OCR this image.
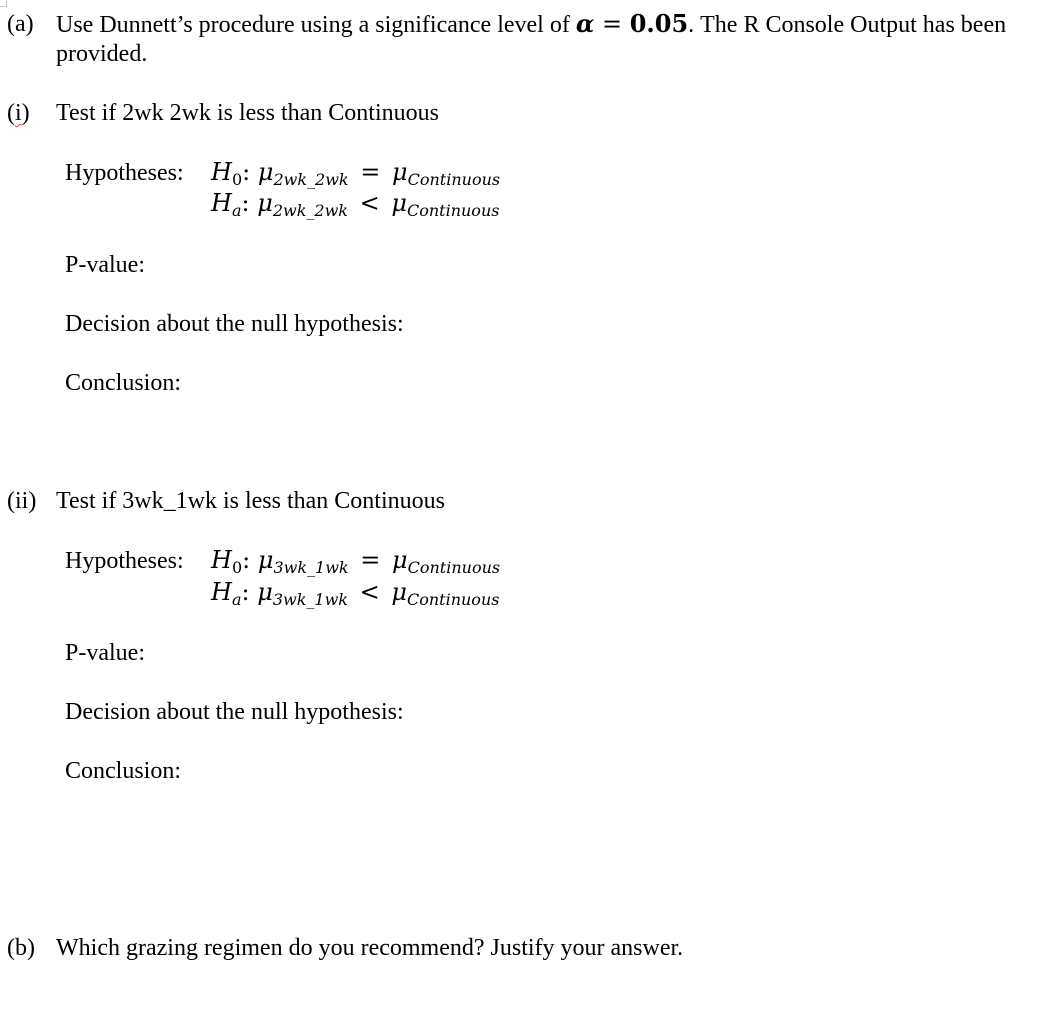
(a) Use Dunnett’s procedure using a significance level of α = 0.05. The R Console Output has been
provided.
(i) Test if 2wk 2wk is less than Continuous
Hypotheses: $H_0$: $\mu_{2wk\_2wk} = \mu_{Continuous}$
$H_a$: $\mu_{2wk\_2wk} < \mu_{Continuous}$
P-value:
Decision about the null hypothesis:
Conclusion:
(ii) Test if 3wk_1wk is less than Continuous
Hypotheses: $H_0$: $\mu_{3wk\_1wk} = \mu_{Continuous}$
$H_a$: $\mu_{3wk\_1wk} < \mu_{Continuous}$
P-value:
Decision about the null hypothesis:
Conclusion:
(b) Which grazing regimen do you recommend? Justify your answer.
